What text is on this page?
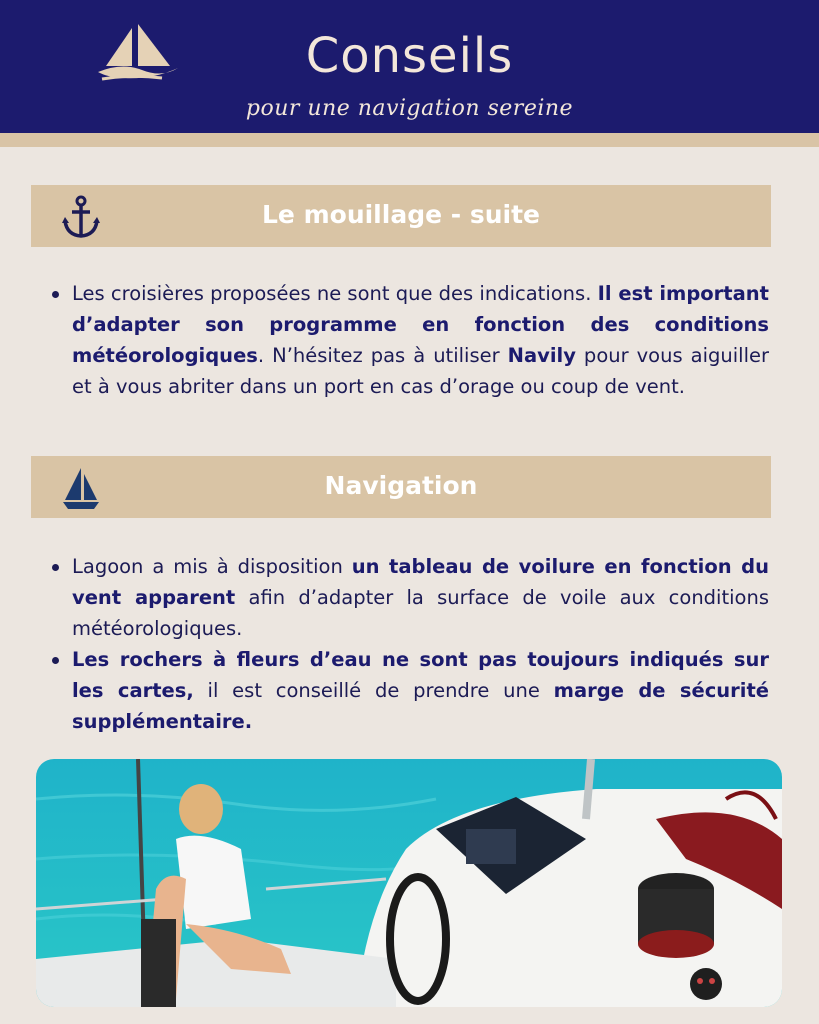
Conseils
pour une navigation sereine
Le mouillage - suite
Les croisières proposées ne sont que des indications. Il est important d’adapter son programme en fonction des conditions météorologiques. N’hésitez pas à utiliser Navily pour vous aiguiller et à vous abriter dans un port en cas d’orage ou coup de vent.
Navigation
Lagoon a mis à disposition un tableau de voilure en fonction du vent apparent afin d’adapter la surface de voile aux conditions météorologiques.
Les rochers à fleurs d’eau ne sont pas toujours indiqués sur les cartes, il est conseillé de prendre une marge de sécurité supplémentaire.
